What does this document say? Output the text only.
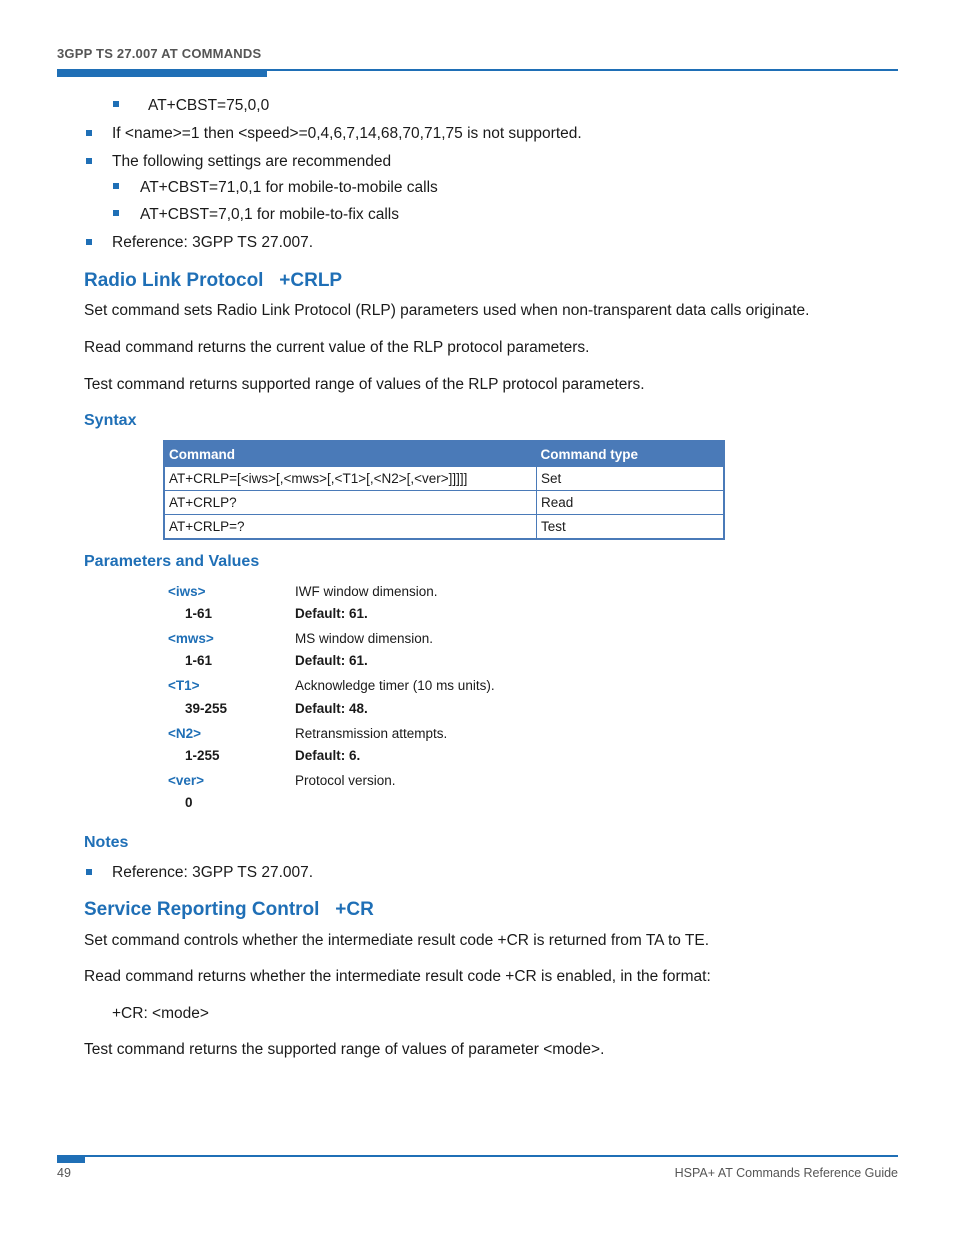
3GPP TS 27.007 AT COMMANDS
AT+CBST=75,0,0
If <name>=1 then <speed>=0,4,6,7,14,68,70,71,75 is not supported.
The following settings are recommended
AT+CBST=71,0,1 for mobile-to-mobile calls
AT+CBST=7,0,1 for mobile-to-fix calls
Reference: 3GPP TS 27.007.
Radio Link Protocol   +CRLP
Set command sets Radio Link Protocol (RLP) parameters used when non-transparent data calls originate.
Read command returns the current value of the RLP protocol parameters.
Test command returns supported range of values of the RLP protocol parameters.
Syntax
Command	Command type
AT+CRLP=[<iws>[,<mws>[,<T1>[,<N2>[,<ver>]]]]]	Set
AT+CRLP?	Read
AT+CRLP=?	Test
Parameters and Values
<iws>	IWF window dimension.
1-61	Default: 61.
<mws>	MS window dimension.
1-61	Default: 61.
<T1>	Acknowledge timer (10 ms units).
39-255	Default: 48.
<N2>	Retransmission attempts.
1-255	Default: 6.
<ver>	Protocol version.
0
Notes
Reference: 3GPP TS 27.007.
Service Reporting Control   +CR
Set command controls whether the intermediate result code +CR is returned from TA to TE.
Read command returns whether the intermediate result code +CR is enabled, in the format:
+CR: <mode>
Test command returns the supported range of values of parameter <mode>.
49	HSPA+ AT Commands Reference Guide
